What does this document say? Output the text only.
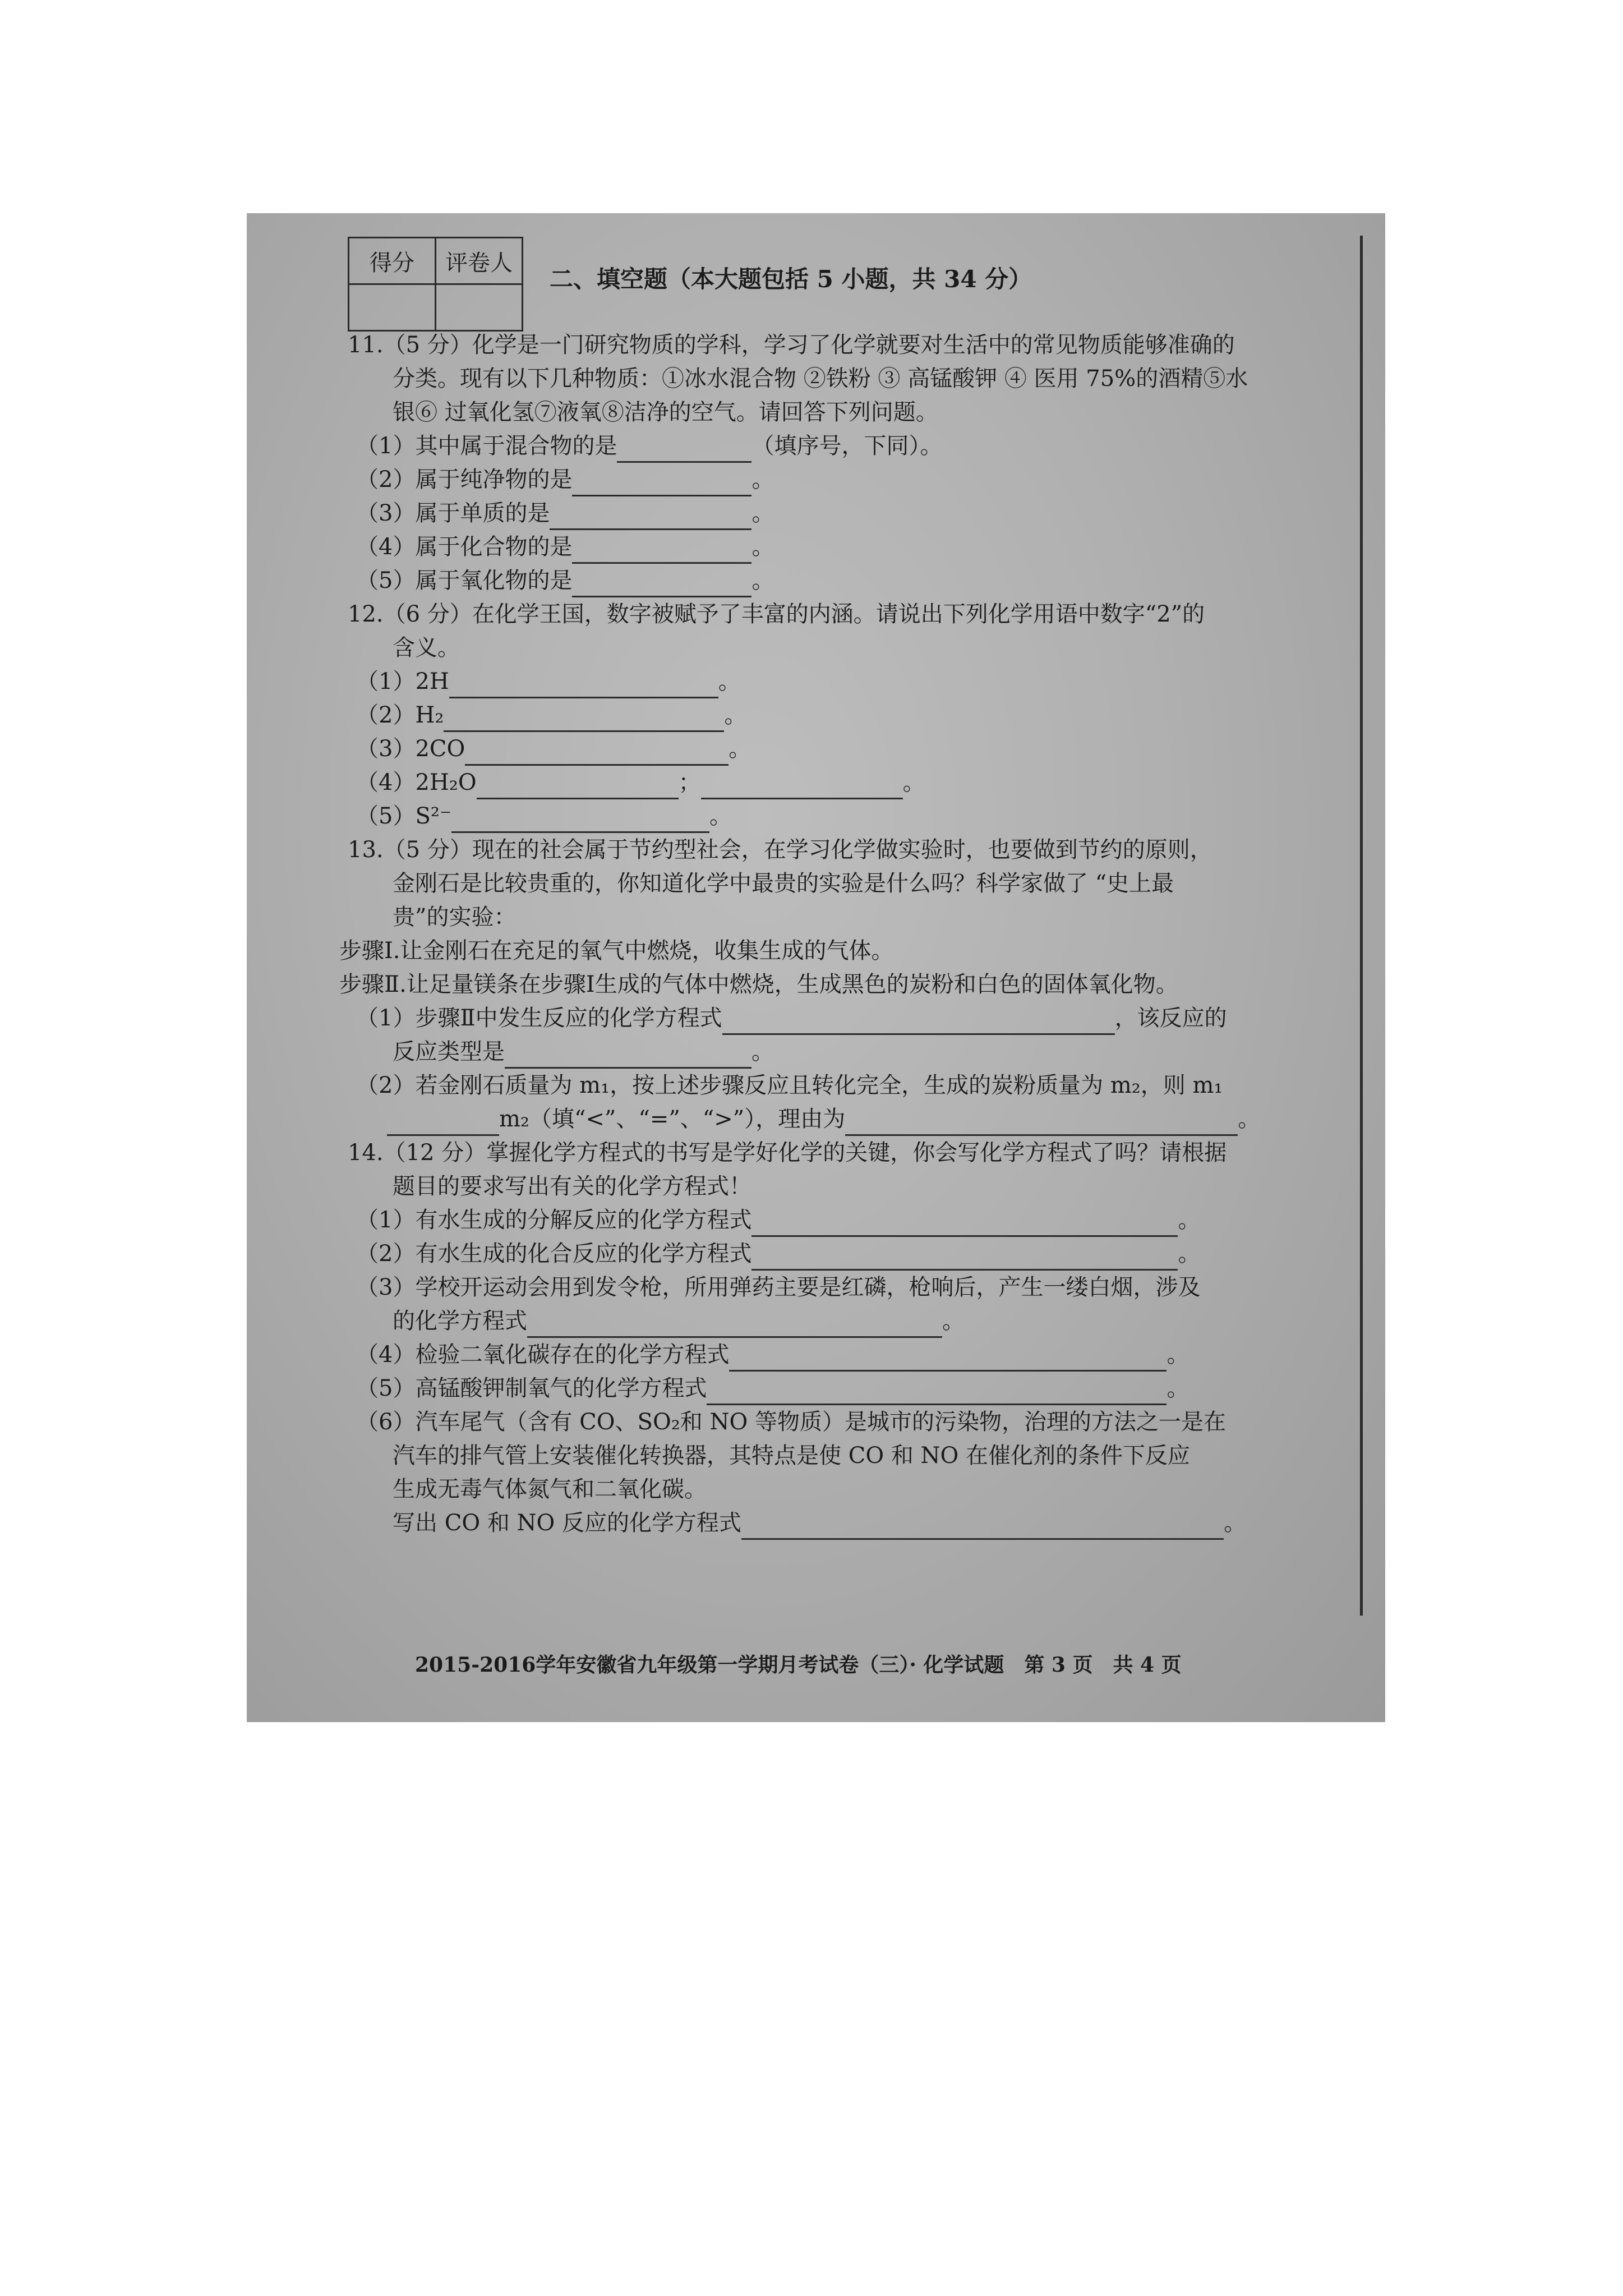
得分	评卷人

二、填空题（本大题包括 5 小题，共 34 分）
11.（5 分）化学是一门研究物质的学科，学习了化学就要对生活中的常见物质能够准确的
分类。现有以下几种物质：①冰水混合物 ②铁粉 ③ 高锰酸钾 ④ 医用 75%的酒精⑤水
银⑥ 过氧化氢⑦液氧⑧洁净的空气。请回答下列问题。
（1）其中属于混合物的是	（填序号，下同）。
（2）属于纯净物的是	。
（3）属于单质的是	。
（4）属于化合物的是	。
（5）属于氧化物的是	。
12.（6 分）在化学王国，数字被赋予了丰富的内涵。请说出下列化学用语中数字“2”的
含义。
（1）2H	。
（2）H₂	。
（3）2CO	。
（4）2H₂O	；	。
（5）S²⁻	。
13.（5 分）现在的社会属于节约型社会，在学习化学做实验时，也要做到节约的原则，
金刚石是比较贵重的，你知道化学中最贵的实验是什么吗？科学家做了 “史上最
贵”的实验：
步骤Ⅰ.让金刚石在充足的氧气中燃烧，收集生成的气体。
步骤Ⅱ.让足量镁条在步骤Ⅰ生成的气体中燃烧，生成黑色的炭粉和白色的固体氧化物。
（1）步骤Ⅱ中发生反应的化学方程式	，该反应的
反应类型是	。
（2）若金刚石质量为 m₁，按上述步骤反应且转化完全，生成的炭粉质量为 m₂，则 m₁
m₂（填“<”、“=”、“>”），理由为	。
14.（12 分）掌握化学方程式的书写是学好化学的关键，你会写化学方程式了吗？请根据
题目的要求写出有关的化学方程式！
（1）有水生成的分解反应的化学方程式	。
（2）有水生成的化合反应的化学方程式	。
（3）学校开运动会用到发令枪，所用弹药主要是红磷，枪响后，产生一缕白烟，涉及
的化学方程式	。
（4）检验二氧化碳存在的化学方程式	。
（5）高锰酸钾制氧气的化学方程式	。
（6）汽车尾气（含有 CO、SO₂和 NO 等物质）是城市的污染物，治理的方法之一是在
汽车的排气管上安装催化转换器，其特点是使 CO 和 NO 在催化剂的条件下反应
生成无毒气体氮气和二氧化碳。
写出 CO 和 NO 反应的化学方程式	。
2015-2016学年安徽省九年级第一学期月考试卷（三）· 化学试题　第 3 页　共 4 页
